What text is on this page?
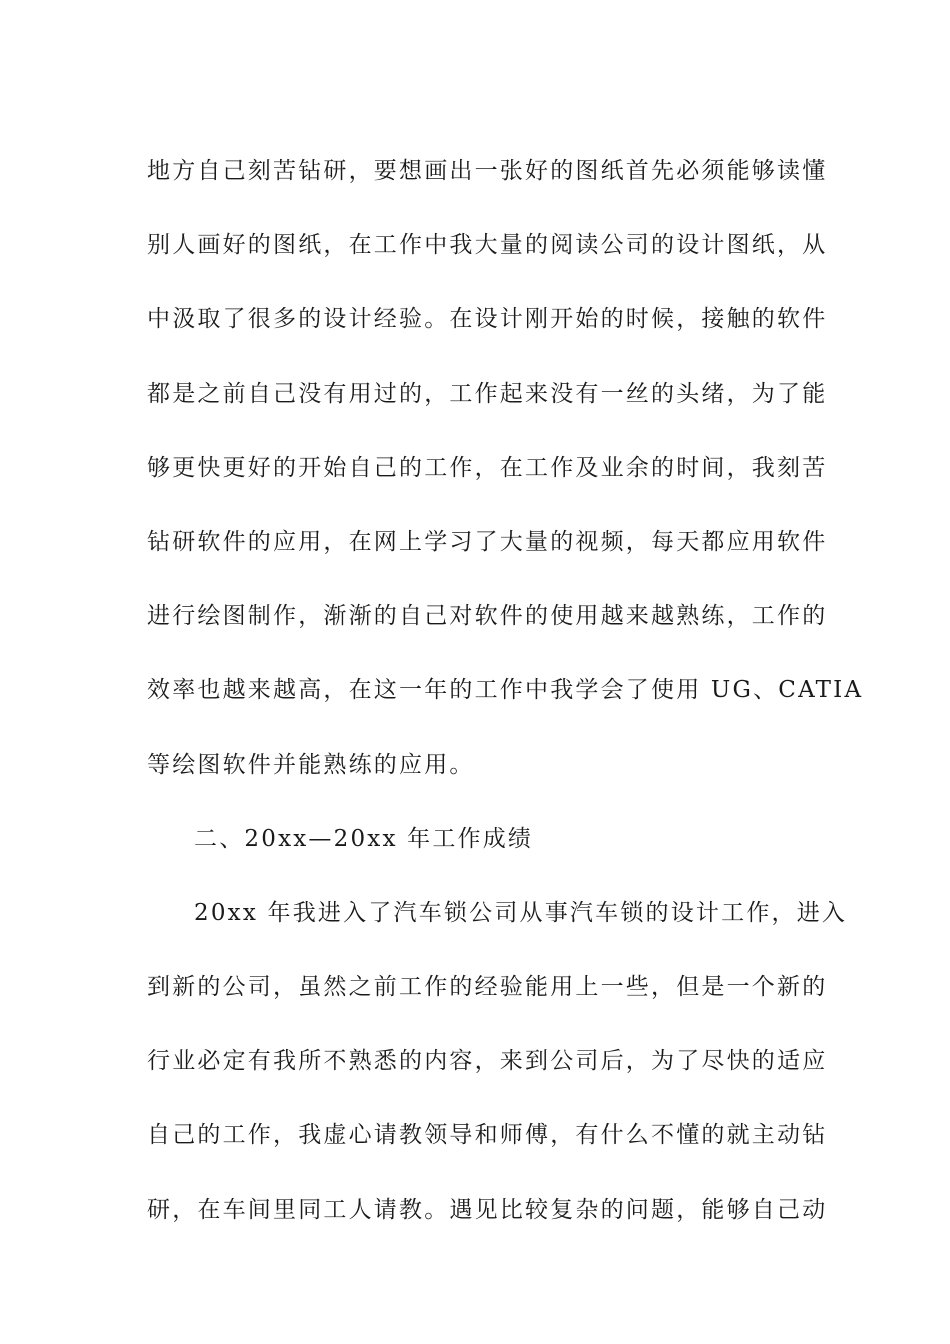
地方自己刻苦钻研，要想画出一张好的图纸首先必须能够读懂
别人画好的图纸，在工作中我大量的阅读公司的设计图纸，从
中汲取了很多的设计经验。在设计刚开始的时候，接触的软件
都是之前自己没有用过的，工作起来没有一丝的头绪，为了能
够更快更好的开始自己的工作，在工作及业余的时间，我刻苦
钻研软件的应用，在网上学习了大量的视频，每天都应用软件
进行绘图制作，渐渐的自己对软件的使用越来越熟练，工作的
效率也越来越高，在这一年的工作中我学会了使用 UG、CATIA
等绘图软件并能熟练的应用。
二、20xx—20xx 年工作成绩
20xx 年我进入了汽车锁公司从事汽车锁的设计工作，进入
到新的公司，虽然之前工作的经验能用上一些，但是一个新的
行业必定有我所不熟悉的内容，来到公司后，为了尽快的适应
自己的工作，我虚心请教领导和师傅，有什么不懂的就主动钻
研，在车间里同工人请教。遇见比较复杂的问题，能够自己动
